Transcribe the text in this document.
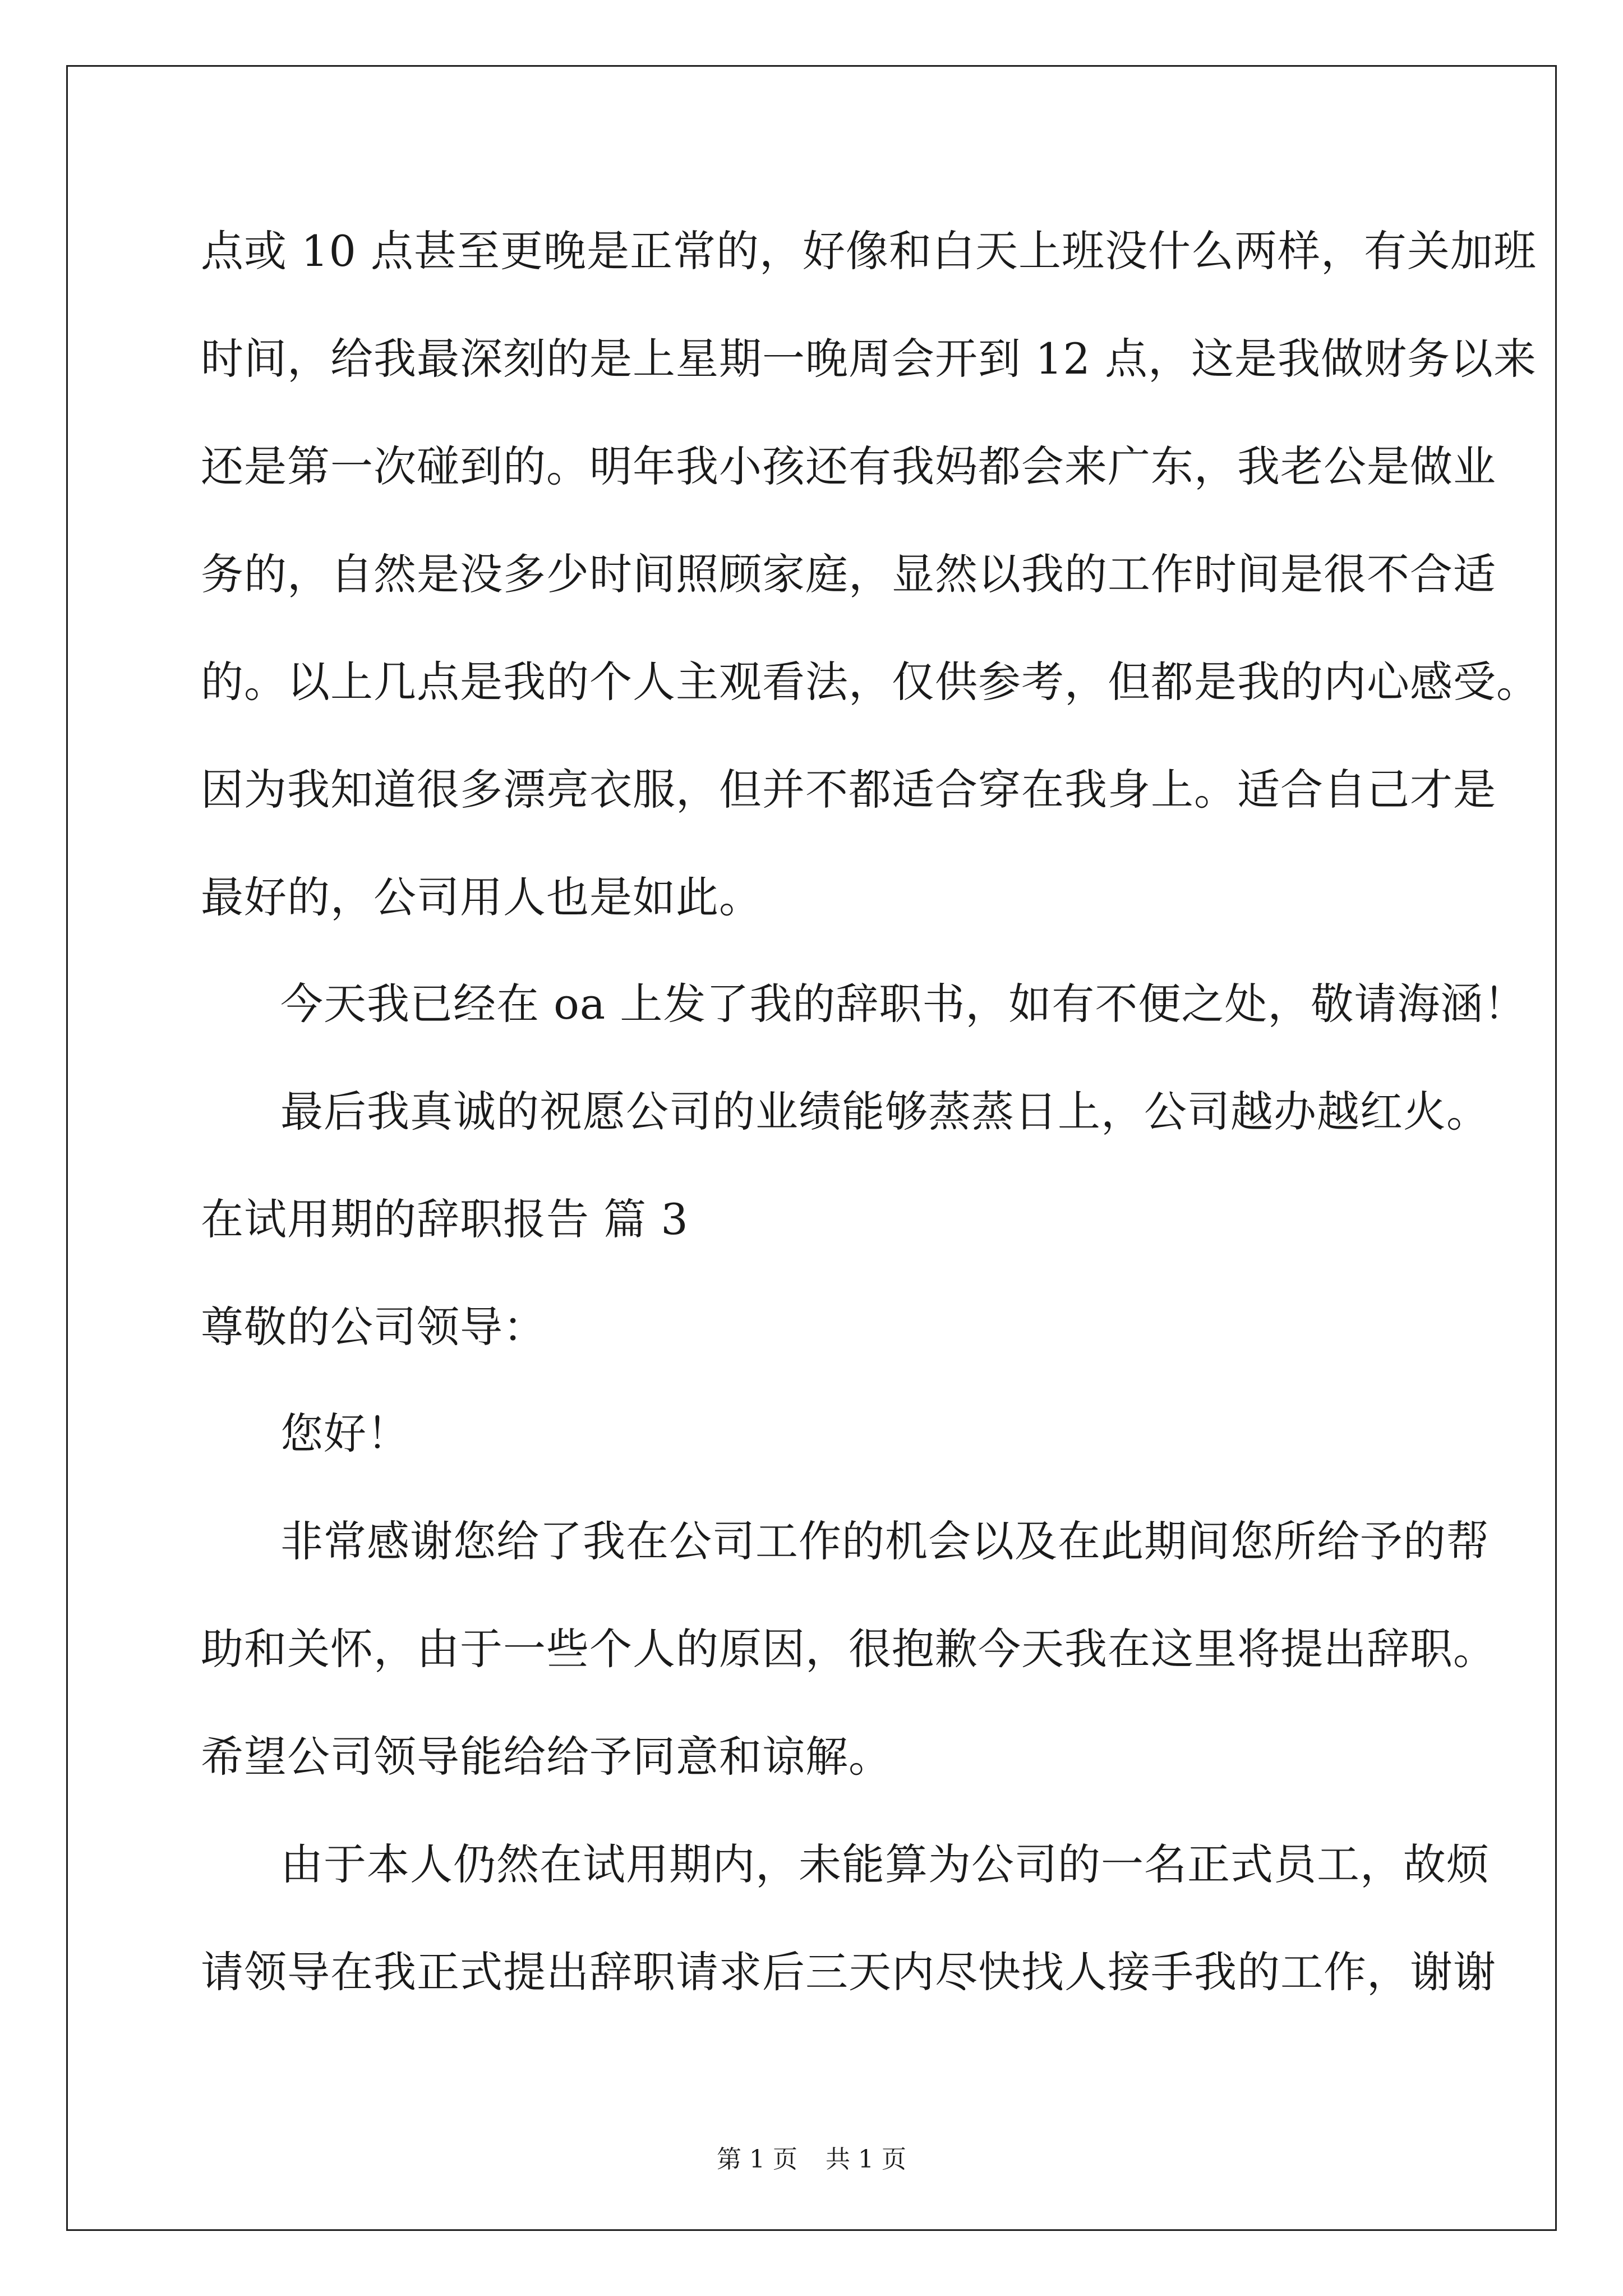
点或 10 点甚至更晚是正常的，好像和白天上班没什么两样，有关加班
时间，给我最深刻的是上星期一晚周会开到 12 点，这是我做财务以来
还是第一次碰到的。明年我小孩还有我妈都会来广东，我老公是做业
务的，自然是没多少时间照顾家庭，显然以我的工作时间是很不合适
的。以上几点是我的个人主观看法，仅供参考，但都是我的内心感受。
因为我知道很多漂亮衣服，但并不都适合穿在我身上。适合自己才是
最好的，公司用人也是如此。
今天我已经在 oa 上发了我的辞职书，如有不便之处，敬请海涵！
最后我真诚的祝愿公司的业绩能够蒸蒸日上，公司越办越红火。
在试用期的辞职报告 篇 3
尊敬的公司领导：
您好！
非常感谢您给了我在公司工作的机会以及在此期间您所给予的帮
助和关怀，由于一些个人的原因，很抱歉今天我在这里将提出辞职。
希望公司领导能给给予同意和谅解。
由于本人仍然在试用期内，未能算为公司的一名正式员工，故烦
请领导在我正式提出辞职请求后三天内尽快找人接手我的工作，谢谢
第 1 页 共 1 页
